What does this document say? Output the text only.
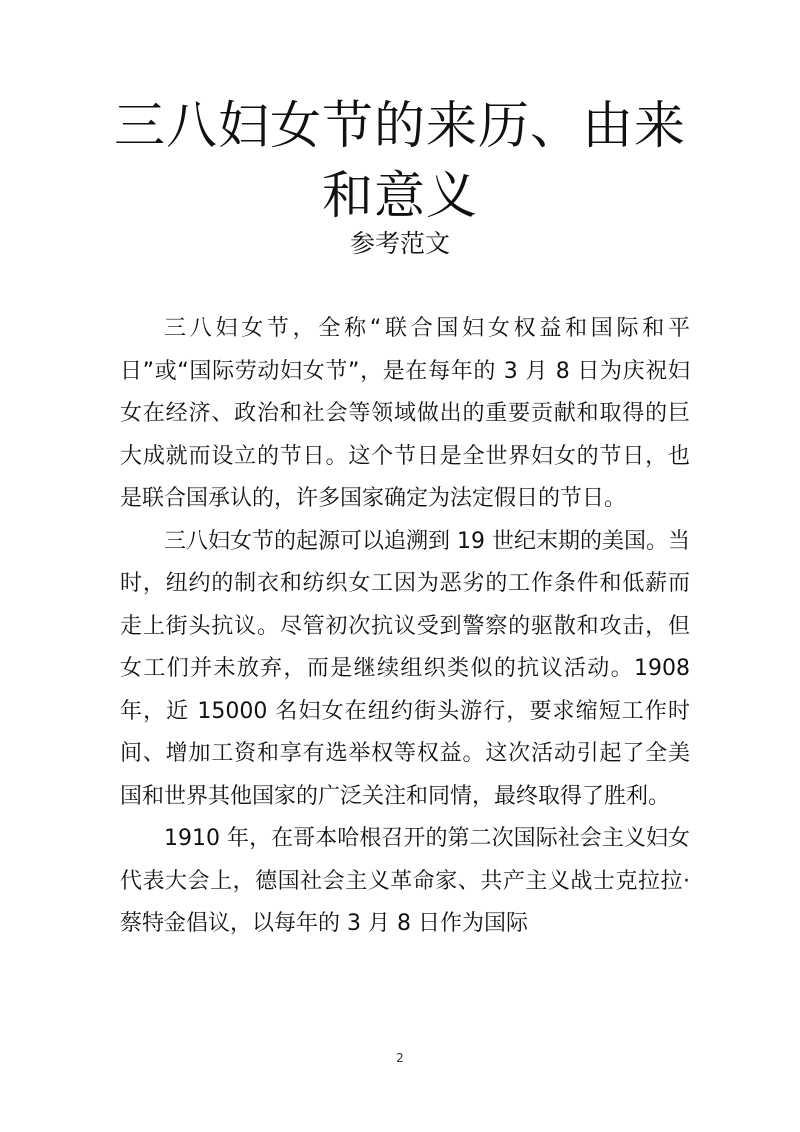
三八妇女节的来历、由来和意义
参考范文

三八妇女节，全称“联合国妇女权益和国际和平日”或“国际劳动妇女节”，是在每年的 3 月 8 日为庆祝妇女在经济、政治和社会等领域做出的重要贡献和取得的巨大成就而设立的节日。这个节日是全世界妇女的节日，也是联合国承认的，许多国家确定为法定假日的节日。

三八妇女节的起源可以追溯到 19 世纪末期的美国。当时，纽约的制衣和纺织女工因为恶劣的工作条件和低薪而走上街头抗议。尽管初次抗议受到警察的驱散和攻击，但女工们并未放弃，而是继续组织类似的抗议活动。1908 年，近 15000 名妇女在纽约街头游行，要求缩短工作时间、增加工资和享有选举权等权益。这次活动引起了全美国和世界其他国家的广泛关注和同情，最终取得了胜利。

1910 年，在哥本哈根召开的第二次国际社会主义妇女代表大会上，德国社会主义革命家、共产主义战士克拉拉·蔡特金倡议，以每年的 3 月 8 日作为国际

2
